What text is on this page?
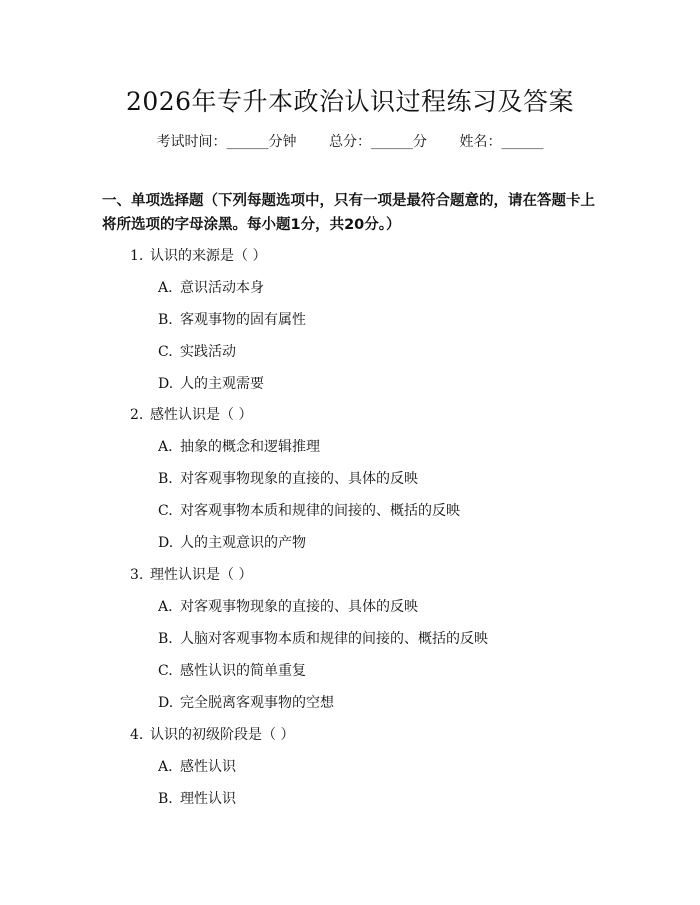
2026年专升本政治认识过程练习及答案
考试时间：______分钟 总分：______分 姓名：______
一、单项选择题（下列每题选项中，只有一项是最符合题意的，请在答题卡上将所选项的字母涂黑。每小题1分，共20分。）
1. 认识的来源是（ ）
A. 意识活动本身
B. 客观事物的固有属性
C. 实践活动
D. 人的主观需要
2. 感性认识是（ ）
A. 抽象的概念和逻辑推理
B. 对客观事物现象的直接的、具体的反映
C. 对客观事物本质和规律的间接的、概括的反映
D. 人的主观意识的产物
3. 理性认识是（ ）
A. 对客观事物现象的直接的、具体的反映
B. 人脑对客观事物本质和规律的间接的、概括的反映
C. 感性认识的简单重复
D. 完全脱离客观事物的空想
4. 认识的初级阶段是（ ）
A. 感性认识
B. 理性认识
